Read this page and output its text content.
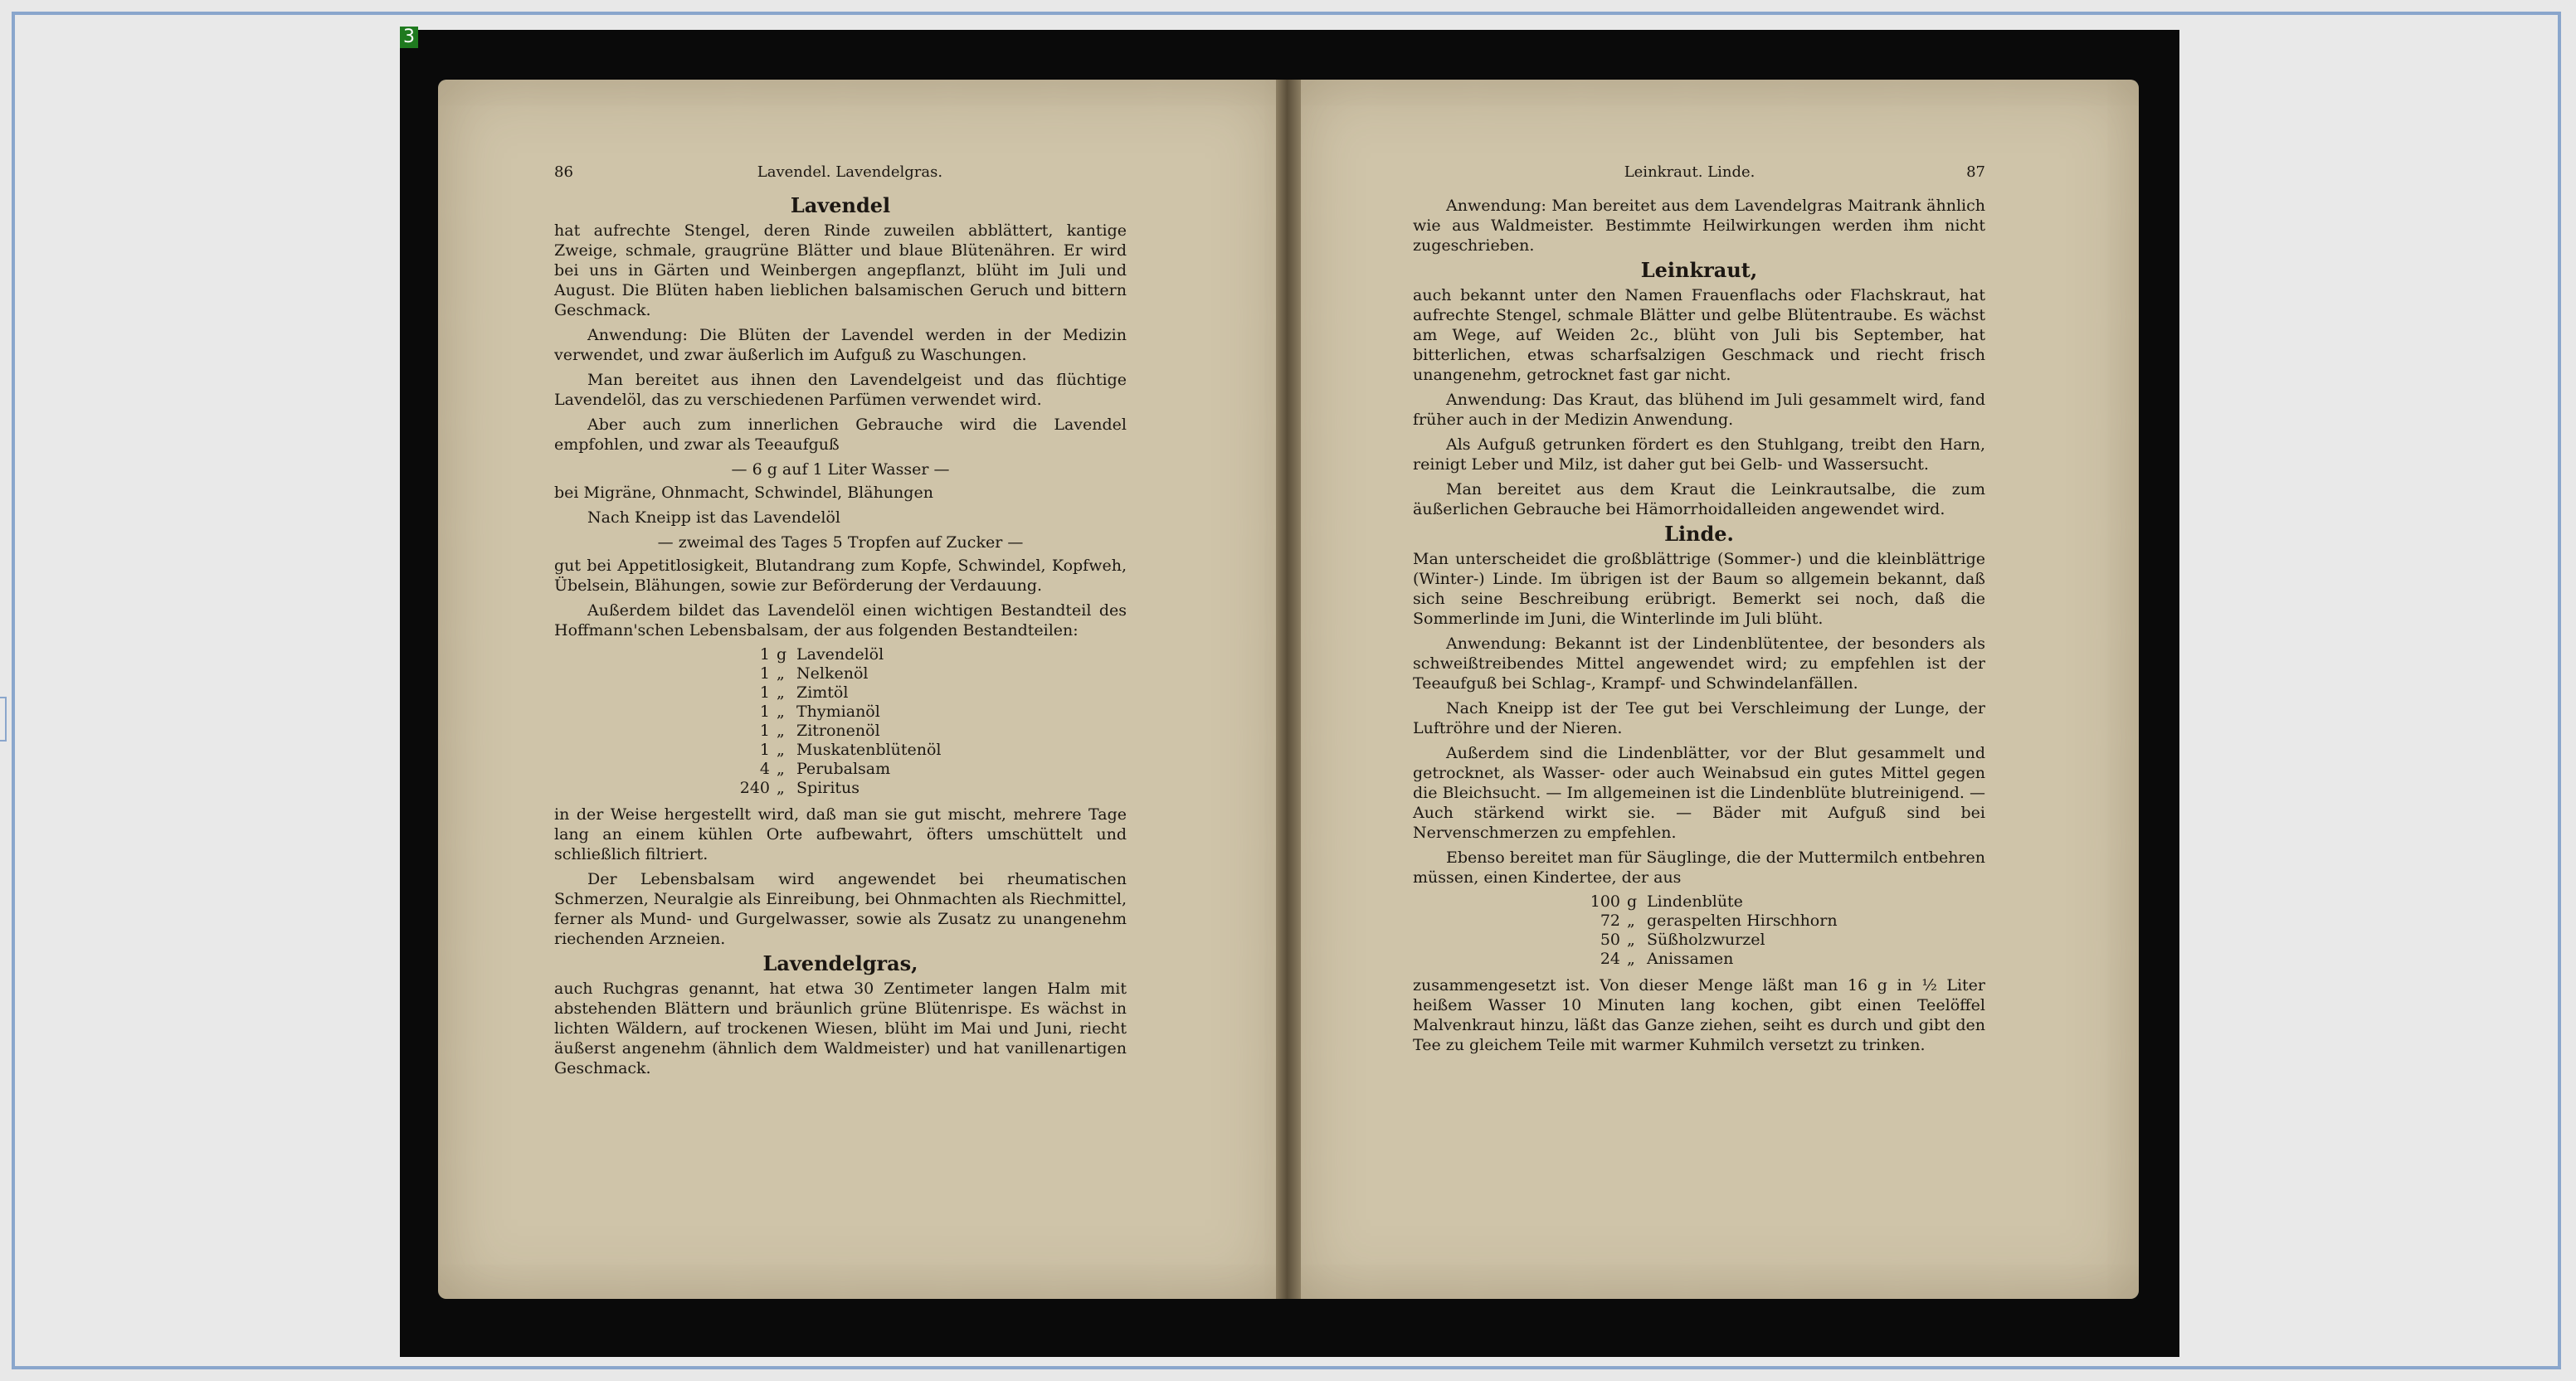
86	Lavendel. Lavendelgras.
Lavendel

hat aufrechte Stengel, deren Rinde zuweilen abblättert, kantige Zweige, schmale, graugrüne Blätter und blaue Blütenähren. Er wird bei uns in Gärten und Weinbergen angepflanzt, blüht im Juli und August. Die Blüten haben lieblichen balsamischen Geruch und bittern Geschmack.

Anwendung: Die Blüten der Lavendel werden in der Medizin verwendet, und zwar äußerlich im Aufguß zu Waschungen.

Man bereitet aus ihnen den Lavendelgeist und das flüchtige Lavendelöl, das zu verschiedenen Parfümen verwendet wird.

Aber auch zum innerlichen Gebrauche wird die Lavendel empfohlen, und zwar als Teeaufguß

— 6 g auf 1 Liter Wasser —

bei Migräne, Ohnmacht, Schwindel, Blähungen

Nach Kneipp ist das Lavendelöl

— zweimal des Tages 5 Tropfen auf Zucker —

gut bei Appetitlosigkeit, Blutandrang zum Kopfe, Schwindel, Kopfweh, Übelsein, Blähungen, sowie zur Beförderung der Verdauung.

Außerdem bildet das Lavendelöl einen wichtigen Bestandteil des Hoffmann'schen Lebensbalsam, der aus folgenden Bestandteilen:

1 g Lavendelöl
1 „ Nelkenöl
1 „ Zimtöl
1 „ Thymianöl
1 „ Zitronenöl
1 „ Muskatenblütenöl
4 „ Perubalsam
240 „ Spiritus

in der Weise hergestellt wird, daß man sie gut mischt, mehrere Tage lang an einem kühlen Orte aufbewahrt, öfters umschüttelt und schließlich filtriert.

Der Lebensbalsam wird angewendet bei rheumatischen Schmerzen, Neuralgie als Einreibung, bei Ohnmachten als Riechmittel, ferner als Mund- und Gurgelwasser, sowie als Zusatz zu unangenehm riechenden Arzneien.

Lavendelgras,

auch Ruchgras genannt, hat etwa 30 Zentimeter langen Halm mit abstehenden Blättern und bräunlich grüne Blütenrispe. Es wächst in lichten Wäldern, auf trockenen Wiesen, blüht im Mai und Juni, riecht äußerst angenehm (ähnlich dem Waldmeister) und hat vanillenartigen Geschmack.

Leinkraut. Linde.	87

Anwendung: Man bereitet aus dem Lavendelgras Maitrank ähnlich wie aus Waldmeister. Bestimmte Heilwirkungen werden ihm nicht zugeschrieben.

Leinkraut,

auch bekannt unter den Namen Frauenflachs oder Flachskraut, hat aufrechte Stengel, schmale Blätter und gelbe Blütentraube. Es wächst am Wege, auf Weiden 2c., blüht von Juli bis September, hat bitterlichen, etwas scharfsalzigen Geschmack und riecht frisch unangenehm, getrocknet fast gar nicht.

Anwendung: Das Kraut, das blühend im Juli gesammelt wird, fand früher auch in der Medizin Anwendung.

Als Aufguß getrunken fördert es den Stuhlgang, treibt den Harn, reinigt Leber und Milz, ist daher gut bei Gelb- und Wassersucht.

Man bereitet aus dem Kraut die Leinkrautsalbe, die zum äußerlichen Gebrauche bei Hämorrhoidalleiden angewendet wird.

Linde.

Man unterscheidet die großblättrige (Sommer-) und die kleinblättrige (Winter-) Linde. Im übrigen ist der Baum so allgemein bekannt, daß sich seine Beschreibung erübrigt. Bemerkt sei noch, daß die Sommerlinde im Juni, die Winterlinde im Juli blüht.

Anwendung: Bekannt ist der Lindenblütentee, der besonders als schweißtreibendes Mittel angewendet wird; zu empfehlen ist der Teeaufguß bei Schlag-, Krampf- und Schwindelanfällen.

Nach Kneipp ist der Tee gut bei Verschleimung der Lunge, der Luftröhre und der Nieren.

Außerdem sind die Lindenblätter, vor der Blut gesammelt und getrocknet, als Wasser- oder auch Weinabsud ein gutes Mittel gegen die Bleichsucht. — Im allgemeinen ist die Lindenblüte blutreinigend. — Auch stärkend wirkt sie. — Bäder mit Aufguß sind bei Nervenschmerzen zu empfehlen.

Ebenso bereitet man für Säuglinge, die der Muttermilch entbehren müssen, einen Kindertee, der aus

100 g Lindenblüte
72 „ geraspelten Hirschhorn
50 „ Süßholzwurzel
24 „ Anissamen

zusammengesetzt ist. Von dieser Menge läßt man 16 g in ½ Liter heißem Wasser 10 Minuten lang kochen, gibt einen Teelöffel Malvenkraut hinzu, läßt das Ganze ziehen, seiht es durch und gibt den Tee zu gleichem Teile mit warmer Kuhmilch versetzt zu trinken.

3
